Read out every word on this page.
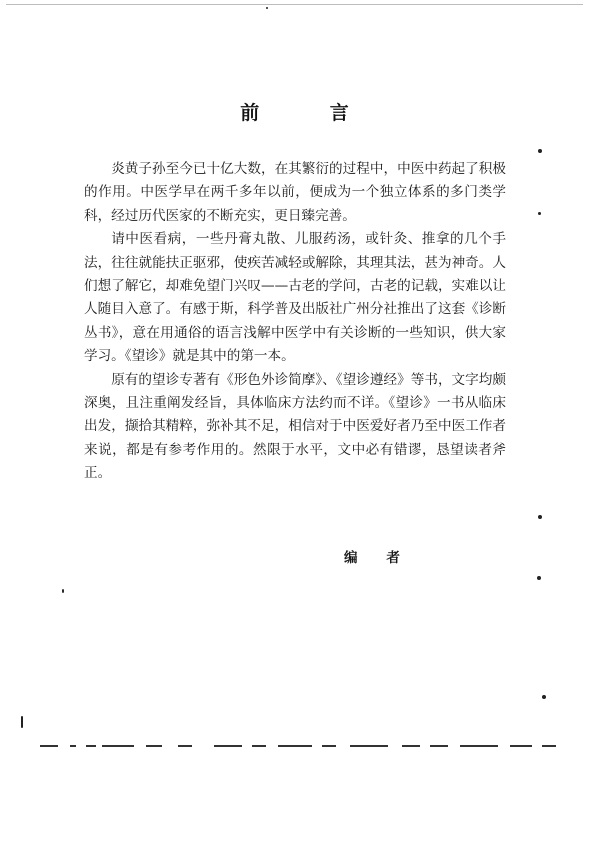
前 言

炎黄子孙至今已十亿大数，在其繁衍的过程中，中医中药起了积极的作用。中医学早在两千多年以前，便成为一个独立体系的多门类学科，经过历代医家的不断充实，更日臻完善。

请中医看病，一些丹膏丸散、儿服药汤，或针灸、推拿的几个手法，往往就能扶正驱邪，使疾苦减轻或解除，其理其法，甚为神奇。人们想了解它，却难免望门兴叹——古老的学问，古老的记载，实难以让人随目入意了。有感于斯，科学普及出版社广州分社推出了这套《诊断丛书》，意在用通俗的语言浅解中医学中有关诊断的一些知识，供大家学习。《望诊》就是其中的第一本。

原有的望诊专著有《形色外诊简摩》、《望诊遵经》等书，文字均颇深奥，且注重阐发经旨，具体临床方法约而不详。《望诊》一书从临床出发，撷拾其精粹，弥补其不足，相信对于中医爱好者乃至中医工作者来说，都是有参考作用的。然限于水平，文中必有错谬，恳望读者斧正。

编 者
